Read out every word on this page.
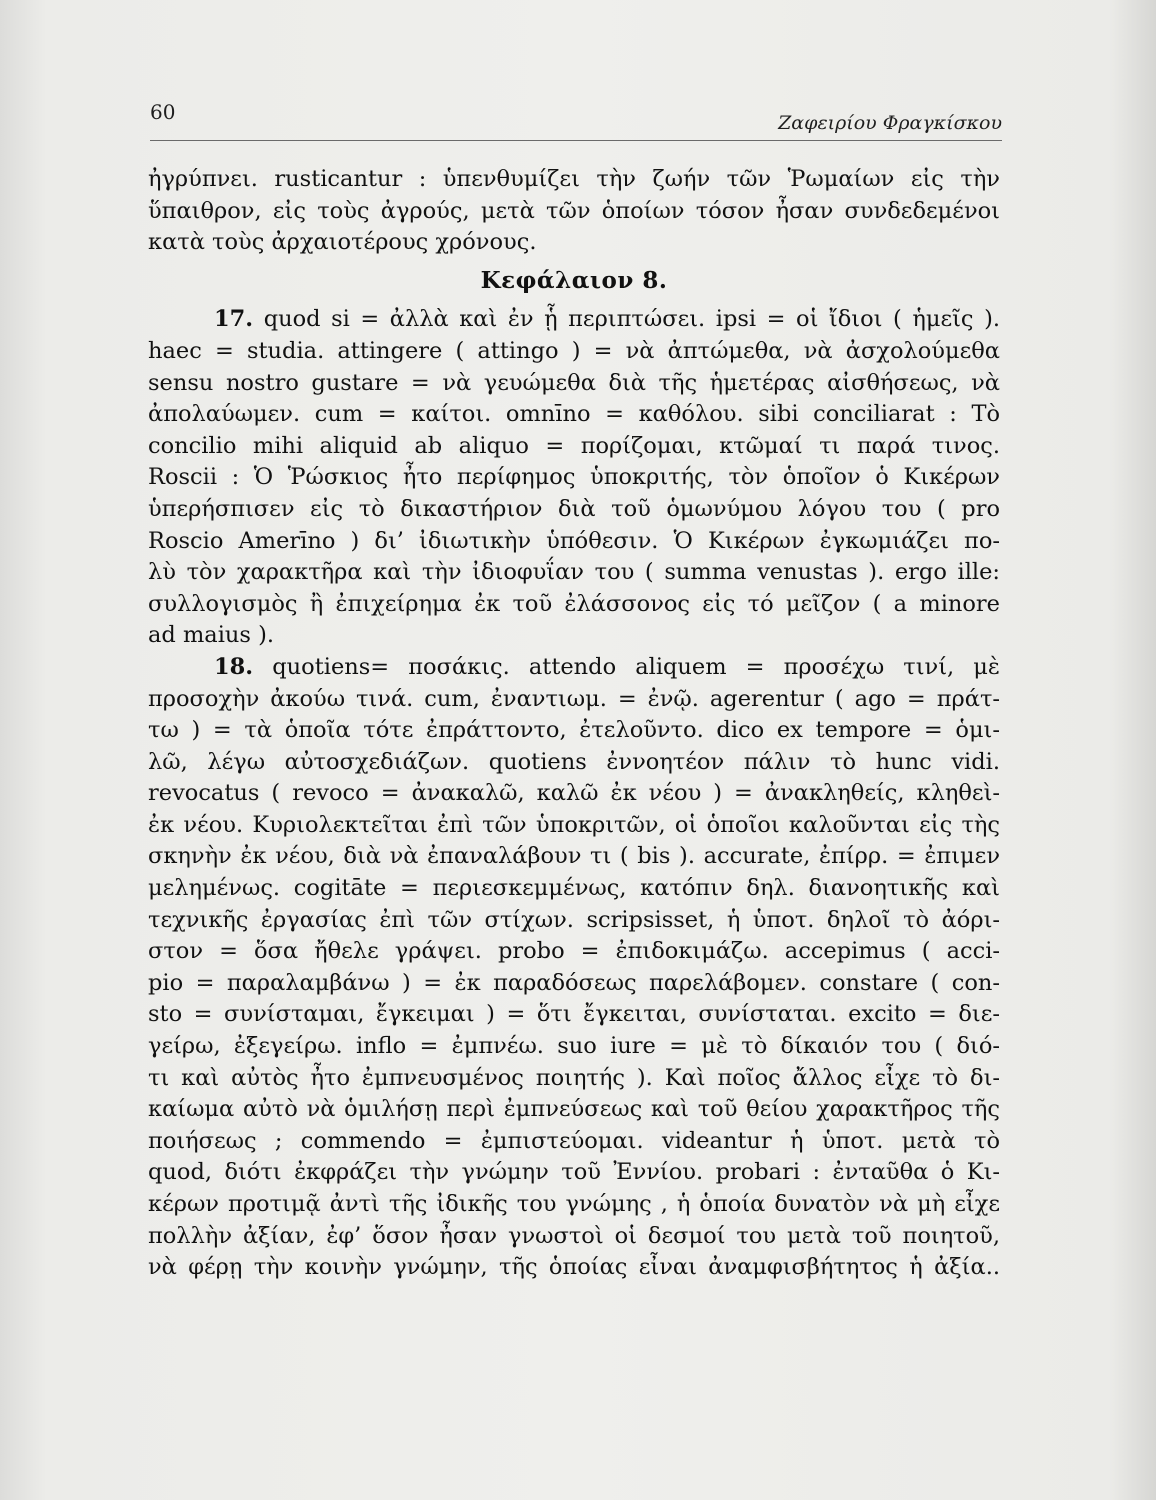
60	Ζαφειρίου Φραγκίσκου

ἠγρύπνει. rusticantur : ὑπενθυμίζει τὴν ζωήν τῶν Ῥωμαίων εἰς τὴν
ὕπαιθρον, εἰς τοὺς ἀγρούς, μετὰ τῶν ὁποίων τόσον ἦσαν συνδεδεμένοι
κατὰ τοὺς ἀρχαιοτέρους χρόνους.

Κεφάλαιον 8.

17. quod si = ἀλλὰ καὶ ἐν ᾗ περιπτώσει. ipsi = οἱ ἴδιοι ( ἡμεῖς ).
haec = studia. attingere ( attingo ) = νὰ ἀπτώμεθα, νὰ ἀσχολούμεθα
sensu nostro gustare = νὰ γευώμεθα διὰ τῆς ἡμετέρας αἰσθήσεως, νὰ
ἀπολαύωμεν. cum = καίτοι. omnīno = καθόλου. sibi conciliarat : Τὸ
concilio mihi aliquid ab aliquo = πορίζομαι, κτῶμαί τι παρά τινος.
Roscii : Ὁ Ῥώσκιος ἦτο περίφημος ὑποκριτής, τὸν ὁποῖον ὁ Κικέρων
ὑπερήσπισεν εἰς τὸ δικαστήριον διὰ τοῦ ὁμωνύμου λόγου του ( pro
Roscio Amerīno ) δι’ ἰδιωτικὴν ὑπόθεσιν. Ὁ Κικέρων ἐγκωμιάζει πο-
λὺ τὸν χαρακτῆρα καὶ τὴν ἰδιοφυΐαν του ( summa venustas ). ergo ille:
συλλογισμὸς ἢ ἐπιχείρημα ἐκ τοῦ ἐλάσσονος εἰς τό μεῖζον ( a minore
ad maius ).

18. quotiens= ποσάκις. attendo aliquem = προσέχω τινί, μὲ
προσοχὴν ἀκούω τινά. cum, ἐναντιωμ. = ἐνῷ. agerentur ( ago = πράτ-
τω ) = τὰ ὁποῖα τότε ἐπράττοντο, ἐτελοῦντο. dico ex tempore = ὁμι-
λῶ, λέγω αὐτοσχεδιάζων. quotiens ἐννοητέον πάλιν τὸ hunc vidi.
revocatus ( revoco = ἀνακαλῶ, καλῶ ἐκ νέου ) = ἀνακληθείς, κληθεὶ-
ἐκ νέου. Κυριολεκτεῖται ἐπὶ τῶν ὑποκριτῶν, οἱ ὁποῖοι καλοῦνται εἰς τὴς
σκηνὴν ἐκ νέου, διὰ νὰ ἐπαναλάβουν τι ( bis ). accurate, ἐπίρρ. = ἐπιμεν
μελημένως. cogitāte = περιεσκεμμένως, κατόπιν δηλ. διανοητικῆς καὶ
τεχνικῆς ἐργασίας ἐπὶ τῶν στίχων. scripsisset, ἡ ὑποτ. δηλοῖ τὸ ἀόρι-
στον = ὅσα ἤθελε γράψει. probo = ἐπιδοκιμάζω. accepimus ( acci-
pio = παραλαμβάνω ) = ἐκ παραδόσεως παρελάβομεν. constare ( con-
sto = συνίσταμαι, ἔγκειμαι ) = ὅτι ἔγκειται, συνίσταται. excito = διε-
γείρω, ἐξεγείρω. inflo = ἐμπνέω. suo iure = μὲ τὸ δίκαιόν του ( διό-
τι καὶ αὐτὸς ἦτο ἐμπνευσμένος ποιητής ). Καὶ ποῖος ἄλλος εἶχε τὸ δι-
καίωμα αὐτὸ νὰ ὁμιλήσῃ περὶ ἐμπνεύσεως καὶ τοῦ θείου χαρακτῆρος τῆς
ποιήσεως ; commendo = ἐμπιστεύομαι. videantur ἡ ὑποτ. μετὰ τὸ
quod, διότι ἐκφράζει τὴν γνώμην τοῦ Ἐννίου. probari : ἐνταῦθα ὁ Κι-
κέρων προτιμᾷ ἀντὶ τῆς ἰδικῆς του γνώμης , ἡ ὁποία δυνατὸν νὰ μὴ εἶχε
πολλὴν ἀξίαν, ἐφ’ ὅσον ἦσαν γνωστοὶ οἱ δεσμοί του μετὰ τοῦ ποιητοῦ,
νὰ φέρῃ τὴν κοινὴν γνώμην, τῆς ὁποίας εἶναι ἀναμφισβήτητος ἡ ἀξία..
